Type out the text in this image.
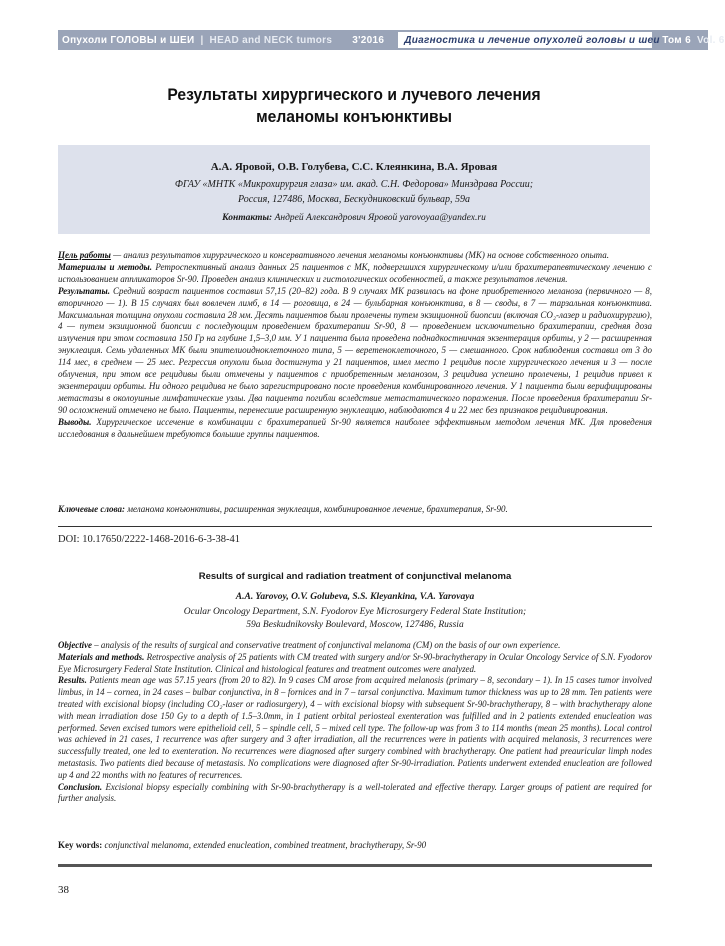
Опухоли ГОЛОВЫ и ШЕИ | HEAD and NECK tumors 3'2016	Диагностика и лечение опухолей головы и шеи Том 6 Vol. 6
Результаты хирургического и лучевого лечения
меланомы конъюнктивы
А.А. Яровой, О.В. Голубева, С.С. Клеянкина, В.А. Яровая
ФГАУ «МНТК «Микрохирургия глаза» им. акад. С.Н. Федорова» Минздрава России;
Россия, 127486, Москва, Бескудниковский бульвар, 59а
Контакты: Андрей Александрович Яровой yarovoyaa@yandex.ru

Цель работы — анализ результатов хирургического и консервативного лечения меланомы конъюнктивы (МК) на основе собственного опыта.

Материалы и методы. Ретроспективный анализ данных 25 пациентов с МК, подвергшихся хирургическому и/или брахитерапевтическому лечению с использованием аппликаторов Sr-90. Проведен анализ клинических и гистологических особенностей, а также результатов лечения.

Результаты. Средний возраст пациентов составил 57,15 (20–82) года. В 9 случаях МК развилась на фоне приобретенного меланоза (первичного — 8, вторичного — 1). В 15 случаях был вовлечен лимб, в 14 — роговица, в 24 — бульбарная конъюнктива, в 8 — своды, в 7 — тарзальная конъюнктива. Максимальная толщина опухоли составила 28 мм. Десять пациентов были пролечены путем экзиционной биопсии (включая CO₂-лазер и радиохирургию), 4 — путем экзиционной биопсии с последующим проведением брахитерапии Sr-90, 8 — проведением исключительно брахитерапии, средняя доза излучения при этом составила 150 Гр на глубине 1,5–3,0 мм. У 1 пациента была проведена поднадкостничная экзентерация орбиты, у 2 — расширенная энуклеация. Семь удаленных МК были эпителиоидноклеточного типа, 5 — веретеноклеточного, 5 — смешанного. Срок наблюдения составил от 3 до 114 мес, в среднем — 25 мес. Регрессия опухоли была достигнута у 21 пациентов, имел место 1 рецидив после хирургического лечения и 3 — после облучения, при этом все рецидивы были отмечены у пациентов с приобретенным меланозом, 3 рецидива успешно пролечены, 1 рецидив привел к экзентерации орбиты. Ни одного рецидива не было зарегистрировано после проведения комбинированного лечения. У 1 пациента были верифицированы метастазы в околоушные лимфатические узлы. Два пациента погибли вследствие метастатического поражения. После проведения брахитерапии Sr-90 осложнений отмечено не было. Пациенты, перенесшие расширенную энуклеацию, наблюдаются 4 и 22 мес без признаков рецидивирования.

Выводы. Хирургическое иссечение в комбинации с брахитерапией Sr-90 является наиболее эффективным методом лечения МК. Для проведения исследования в дальнейшем требуются большие группы пациентов.

Ключевые слова: меланома конъюнктивы, расширенная энуклеация, комбинированное лечение, брахитерапия, Sr-90.
DOI: 10.17650/2222-1468-2016-6-3-38-41
Results of surgical and radiation treatment of conjunctival melanoma
A.A. Yarovoy, O.V. Golubeva, S.S. Kleyankina, V.A. Yarovaya
Ocular Oncology Department, S.N. Fyodorov Eye Microsurgery Federal State Institution;
59a Beskudnikovsky Boulevard, Moscow, 127486, Russia

Objective – analysis of the results of surgical and conservative treatment of conjunctival melanoma (CM) on the basis of our own experience.

Materials and methods. Retrospective analysis of 25 patients with CM treated with surgery and/or Sr-90-brachytherapy in Ocular Oncology Service of S.N. Fyodorov Eye Microsurgery Federal State Institution. Clinical and histological features and treatment outcomes were analyzed.

Results. Patients mean age was 57.15 years (from 20 to 82). In 9 cases CM arose from acquired melanosis (primary – 8, secondary – 1). In 15 cases tumor involved limbus, in 14 – cornea, in 24 cases – bulbar conjunctiva, in 8 – fornices and in 7 – tarsal conjunctiva. Maximum tumor thickness was up to 28 mm. Ten patients were treated with excisional biopsy (including CO₂-laser or radiosurgery), 4 – with excisional biopsy with subsequent Sr-90-brachytherapy, 8 – with brachytherapy alone with mean irradiation dose 150 Gy to a depth of 1.5–3.0mm, in 1 patient orbital periosteal exenteration was fulfilled and in 2 patients extended enucleation was performed. Seven excised tumors were epithelioid cell, 5 – spindle cell, 5 – mixed cell type. The follow-up was from 3 to 114 months (mean 25 months). Local control was achieved in 21 cases, 1 recurrence was after surgery and 3 after irradiation, all the recurrences were in patients with acquired melanosis, 3 recurrences were successfully treated, one led to exenteration. No recurrences were diagnosed after surgery combined with brachytherapy. One patient had preauricular limph nodes metastasis. Two patients died because of metastasis. No complications were diagnosed after Sr-90-irradiation. Patients underwent extended enucleation are followed up 4 and 22 months with no features of recurrences.

Conclusion. Excisional biopsy especially combining with Sr-90-brachytherapy is a well-tolerated and effective therapy. Larger groups of patient are required for further analysis.

Key words: conjunctival melanoma, extended enucleation, combined treatment, brachytherapy, Sr-90
38
